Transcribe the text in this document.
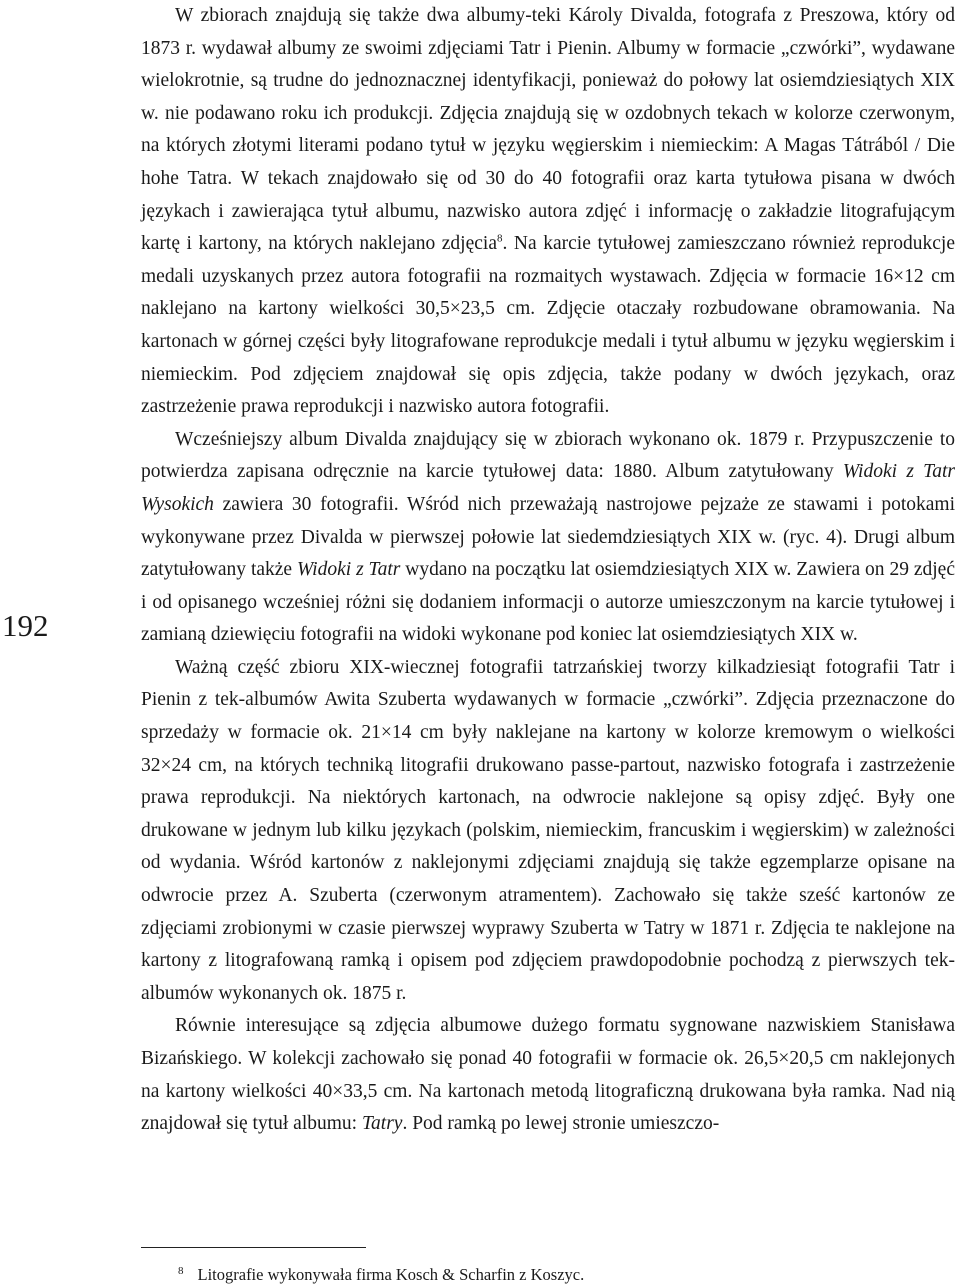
192

W zbiorach znajdują się także dwa albumy-teki Károly Divalda, fotografa z Preszowa, który od 1873 r. wydawał albumy ze swoimi zdjęciami Tatr i Pienin. Albumy w formacie „czwórki”, wydawane wielokrotnie, są trudne do jednoznacznej identyfikacji, ponieważ do połowy lat osiemdziesiątych XIX w. nie podawano roku ich produkcji. Zdjęcia znajdują się w ozdobnych tekach w kolorze czerwonym, na których złotymi literami podano tytuł w języku węgierskim i niemieckim: A Magas Tátrából / Die hohe Tatra. W tekach znajdowało się od 30 do 40 fotografii oraz karta tytułowa pisana w dwóch językach i zawierająca tytuł albumu, nazwisko autora zdjęć i informację o zakładzie litografującym kartę i kartony, na których naklejano zdjęcia$^8$. Na karcie tytułowej zamieszczano również reprodukcje medali uzyskanych przez autora fotografii na rozmaitych wystawach. Zdjęcia w formacie 16×12 cm naklejano na kartony wielkości 30,5×23,5 cm. Zdjęcie otaczały rozbudowane obramowania. Na kartonach w górnej części były litografowane reprodukcje medali i tytuł albumu w języku węgierskim i niemieckim. Pod zdjęciem znajdował się opis zdjęcia, także podany w dwóch językach, oraz zastrzeżenie prawa reprodukcji i nazwisko autora fotografii.

Wcześniejszy album Divalda znajdujący się w zbiorach wykonano ok. 1879 r. Przypuszczenie to potwierdza zapisana odręcznie na karcie tytułowej data: 1880. Album zatytułowany Widoki z Tatr Wysokich zawiera 30 fotografii. Wśród nich przeważają nastrojowe pejzaże ze stawami i potokami wykonywane przez Divalda w pierwszej połowie lat siedemdziesiątych XIX w. (ryc. 4). Drugi album zatytułowany także Widoki z Tatr wydano na początku lat osiemdziesiątych XIX w. Zawiera on 29 zdjęć i od opisanego wcześniej różni się dodaniem informacji o autorze umieszczonym na karcie tytułowej i zamianą dziewięciu fotografii na widoki wykonane pod koniec lat osiemdziesiątych XIX w.

Ważną część zbioru XIX-wiecznej fotografii tatrzańskiej tworzy kilkadziesiąt fotografii Tatr i Pienin z tek-albumów Awita Szuberta wydawanych w formacie „czwórki”. Zdjęcia przeznaczone do sprzedaży w formacie ok. 21×14 cm były naklejane na kartony w kolorze kremowym o wielkości 32×24 cm, na których techniką litografii drukowano passe-partout, nazwisko fotografa i zastrzeżenie prawa reprodukcji. Na niektórych kartonach, na odwrocie naklejone są opisy zdjęć. Były one drukowane w jednym lub kilku językach (polskim, niemieckim, francuskim i węgierskim) w zależności od wydania. Wśród kartonów z naklejonymi zdjęciami znajdują się także egzemplarze opisane na odwrocie przez A. Szuberta (czerwonym atramentem). Zachowało się także sześć kartonów ze zdjęciami zrobionymi w czasie pierwszej wyprawy Szuberta w Tatry w 1871 r. Zdjęcia te naklejone na kartony z litografowaną ramką i opisem pod zdjęciem prawdopodobnie pochodzą z pierwszych tek-albumów wykonanych ok. 1875 r.

Równie interesujące są zdjęcia albumowe dużego formatu sygnowane nazwiskiem Stanisława Bizańskiego. W kolekcji zachowało się ponad 40 fotografii w formacie ok. 26,5×20,5 cm naklejonych na kartony wielkości 40×33,5 cm. Na kartonach metodą litograficzną drukowana była ramka. Nad nią znajdował się tytuł albumu: Tatry. Pod ramką po lewej stronie umieszczo-

$^8$ Litografie wykonywała firma Kosch & Scharfin z Koszyc.
